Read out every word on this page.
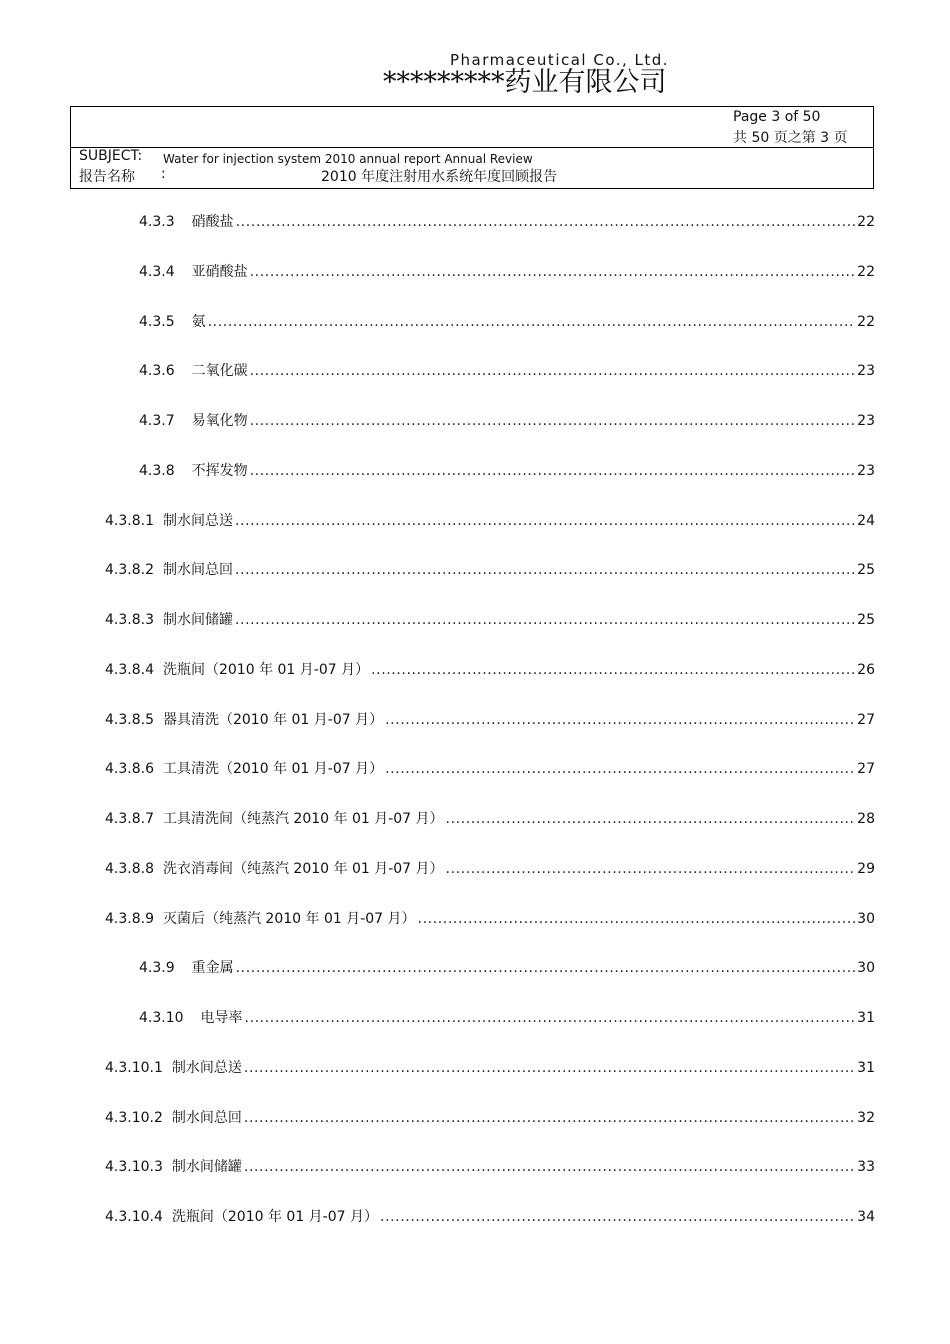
Pharmaceutical Co., Ltd.
*********药业有限公司
Page 3 of 50
共 50 页之第 3 页
SUBJECT: Water for injection system 2010 annual report Annual Review
报告名称 :	2010 年度注射用水系统年度回顾报告
4.3.3 硝酸盐 .....	22
4.3.4 亚硝酸盐 .....	22
4.3.5 氨 .....	22
4.3.6 二氧化碳 .....	23
4.3.7 易氧化物 .....	23
4.3.8 不挥发物 .....	23
4.3.8.1 制水间总送 .....	24
4.3.8.2 制水间总回 .....	25
4.3.8.3 制水间储罐 .....	25
4.3.8.4 洗瓶间（2010 年 01 月-07 月） .....	26
4.3.8.5 器具清洗（2010 年 01 月-07 月） .....	27
4.3.8.6 工具清洗（2010 年 01 月-07 月） .....	27
4.3.8.7 工具清洗间（纯蒸汽 2010 年 01 月-07 月） .....	28
4.3.8.8 洗衣消毒间（纯蒸汽 2010 年 01 月-07 月） .....	29
4.3.8.9 灭菌后（纯蒸汽 2010 年 01 月-07 月） .....	30
4.3.9 重金属 .....	30
4.3.10 电导率 .....	31
4.3.10.1 制水间总送 .....	31
4.3.10.2 制水间总回 .....	32
4.3.10.3 制水间储罐 .....	33
4.3.10.4 洗瓶间（2010 年 01 月-07 月） .....	34
